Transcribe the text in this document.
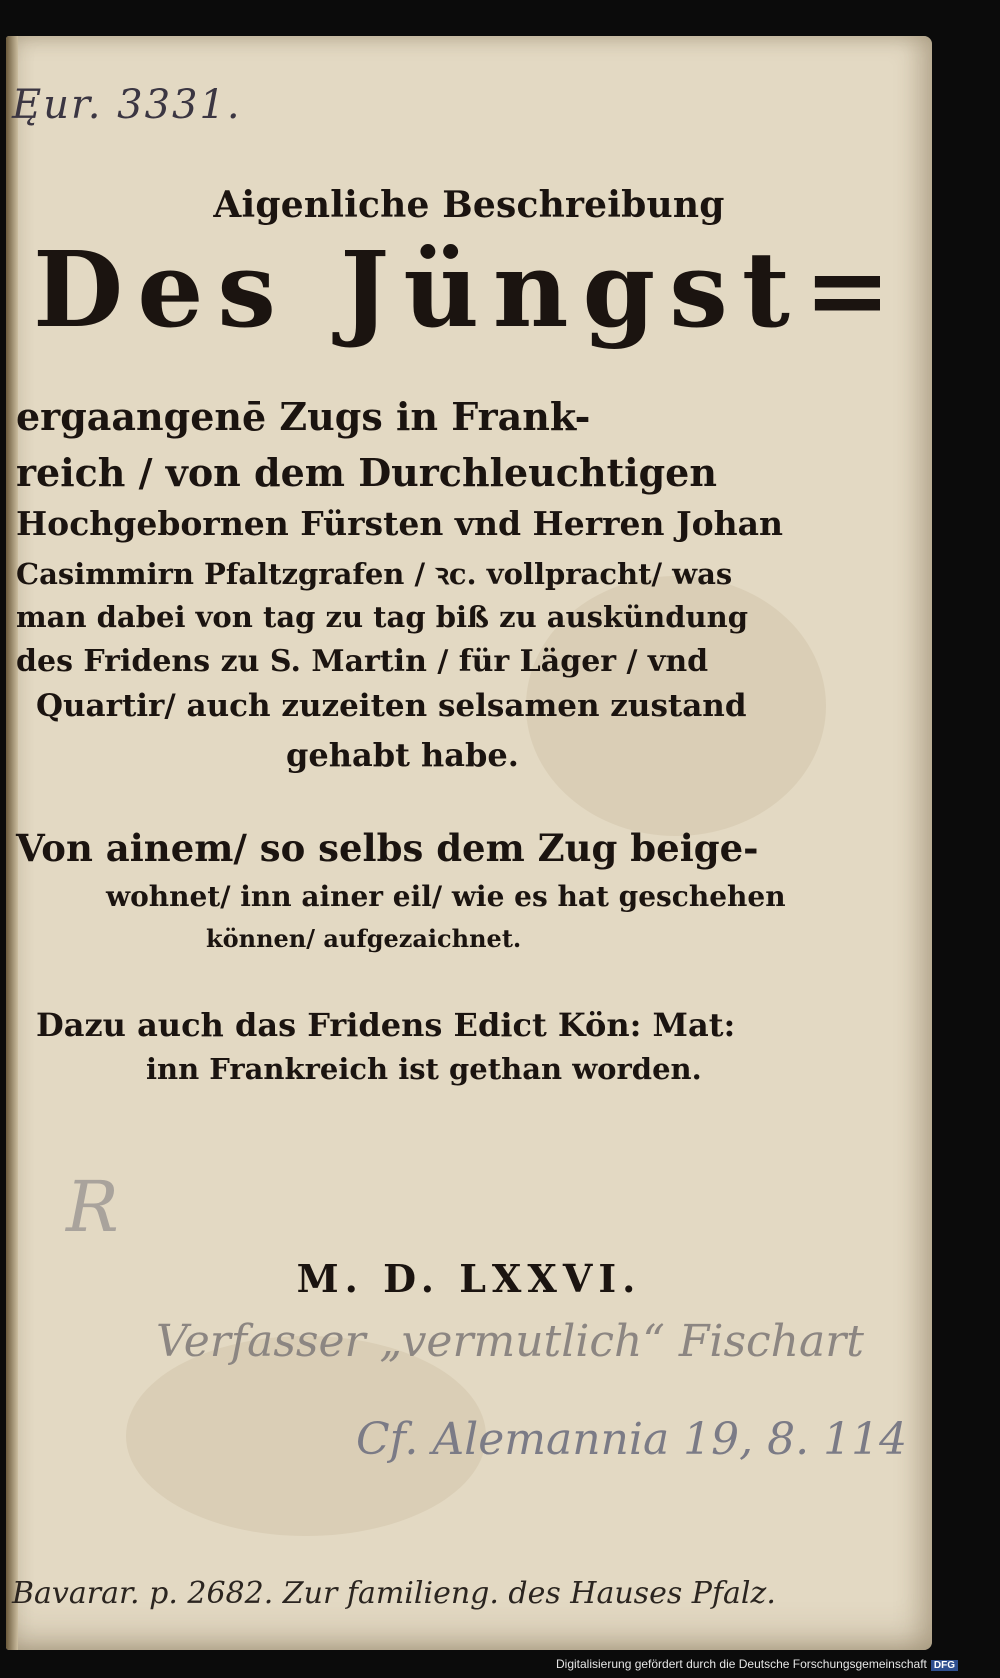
Ęur. 3331.
Aigenliche Beschreibung
Des Jüngst=
ergaangenē Zugs in Frank-
reich / von dem Durchleuchtigen
Hochgebornen Fürsten vnd Herren Johan
Casimmirn Pfaltzgrafen / ꝛc. vollpracht/ was
man dabei von tag zu tag biß zu auskündung
des Fridens zu S. Martin / für Läger / vnd
Quartir/ auch zuzeiten selsamen zustand
gehabt habe.
Von ainem/ so selbs dem Zug beige-
wohnet/ inn ainer eil/ wie es hat geschehen
können/ aufgezaichnet.
Dazu auch das Fridens Edict Kön: Mat:
inn Frankreich ist gethan worden.
R
M. D. LXXVI.
Verfasser „vermutlich“ Fischart
Cf. Alemannia 19, 8. 114
Bavarar. p. 2682. Zur familieng. des Hauses Pfalz.
Digitalisierung gefördert durch die Deutsche Forschungsgemeinschaft DFG
